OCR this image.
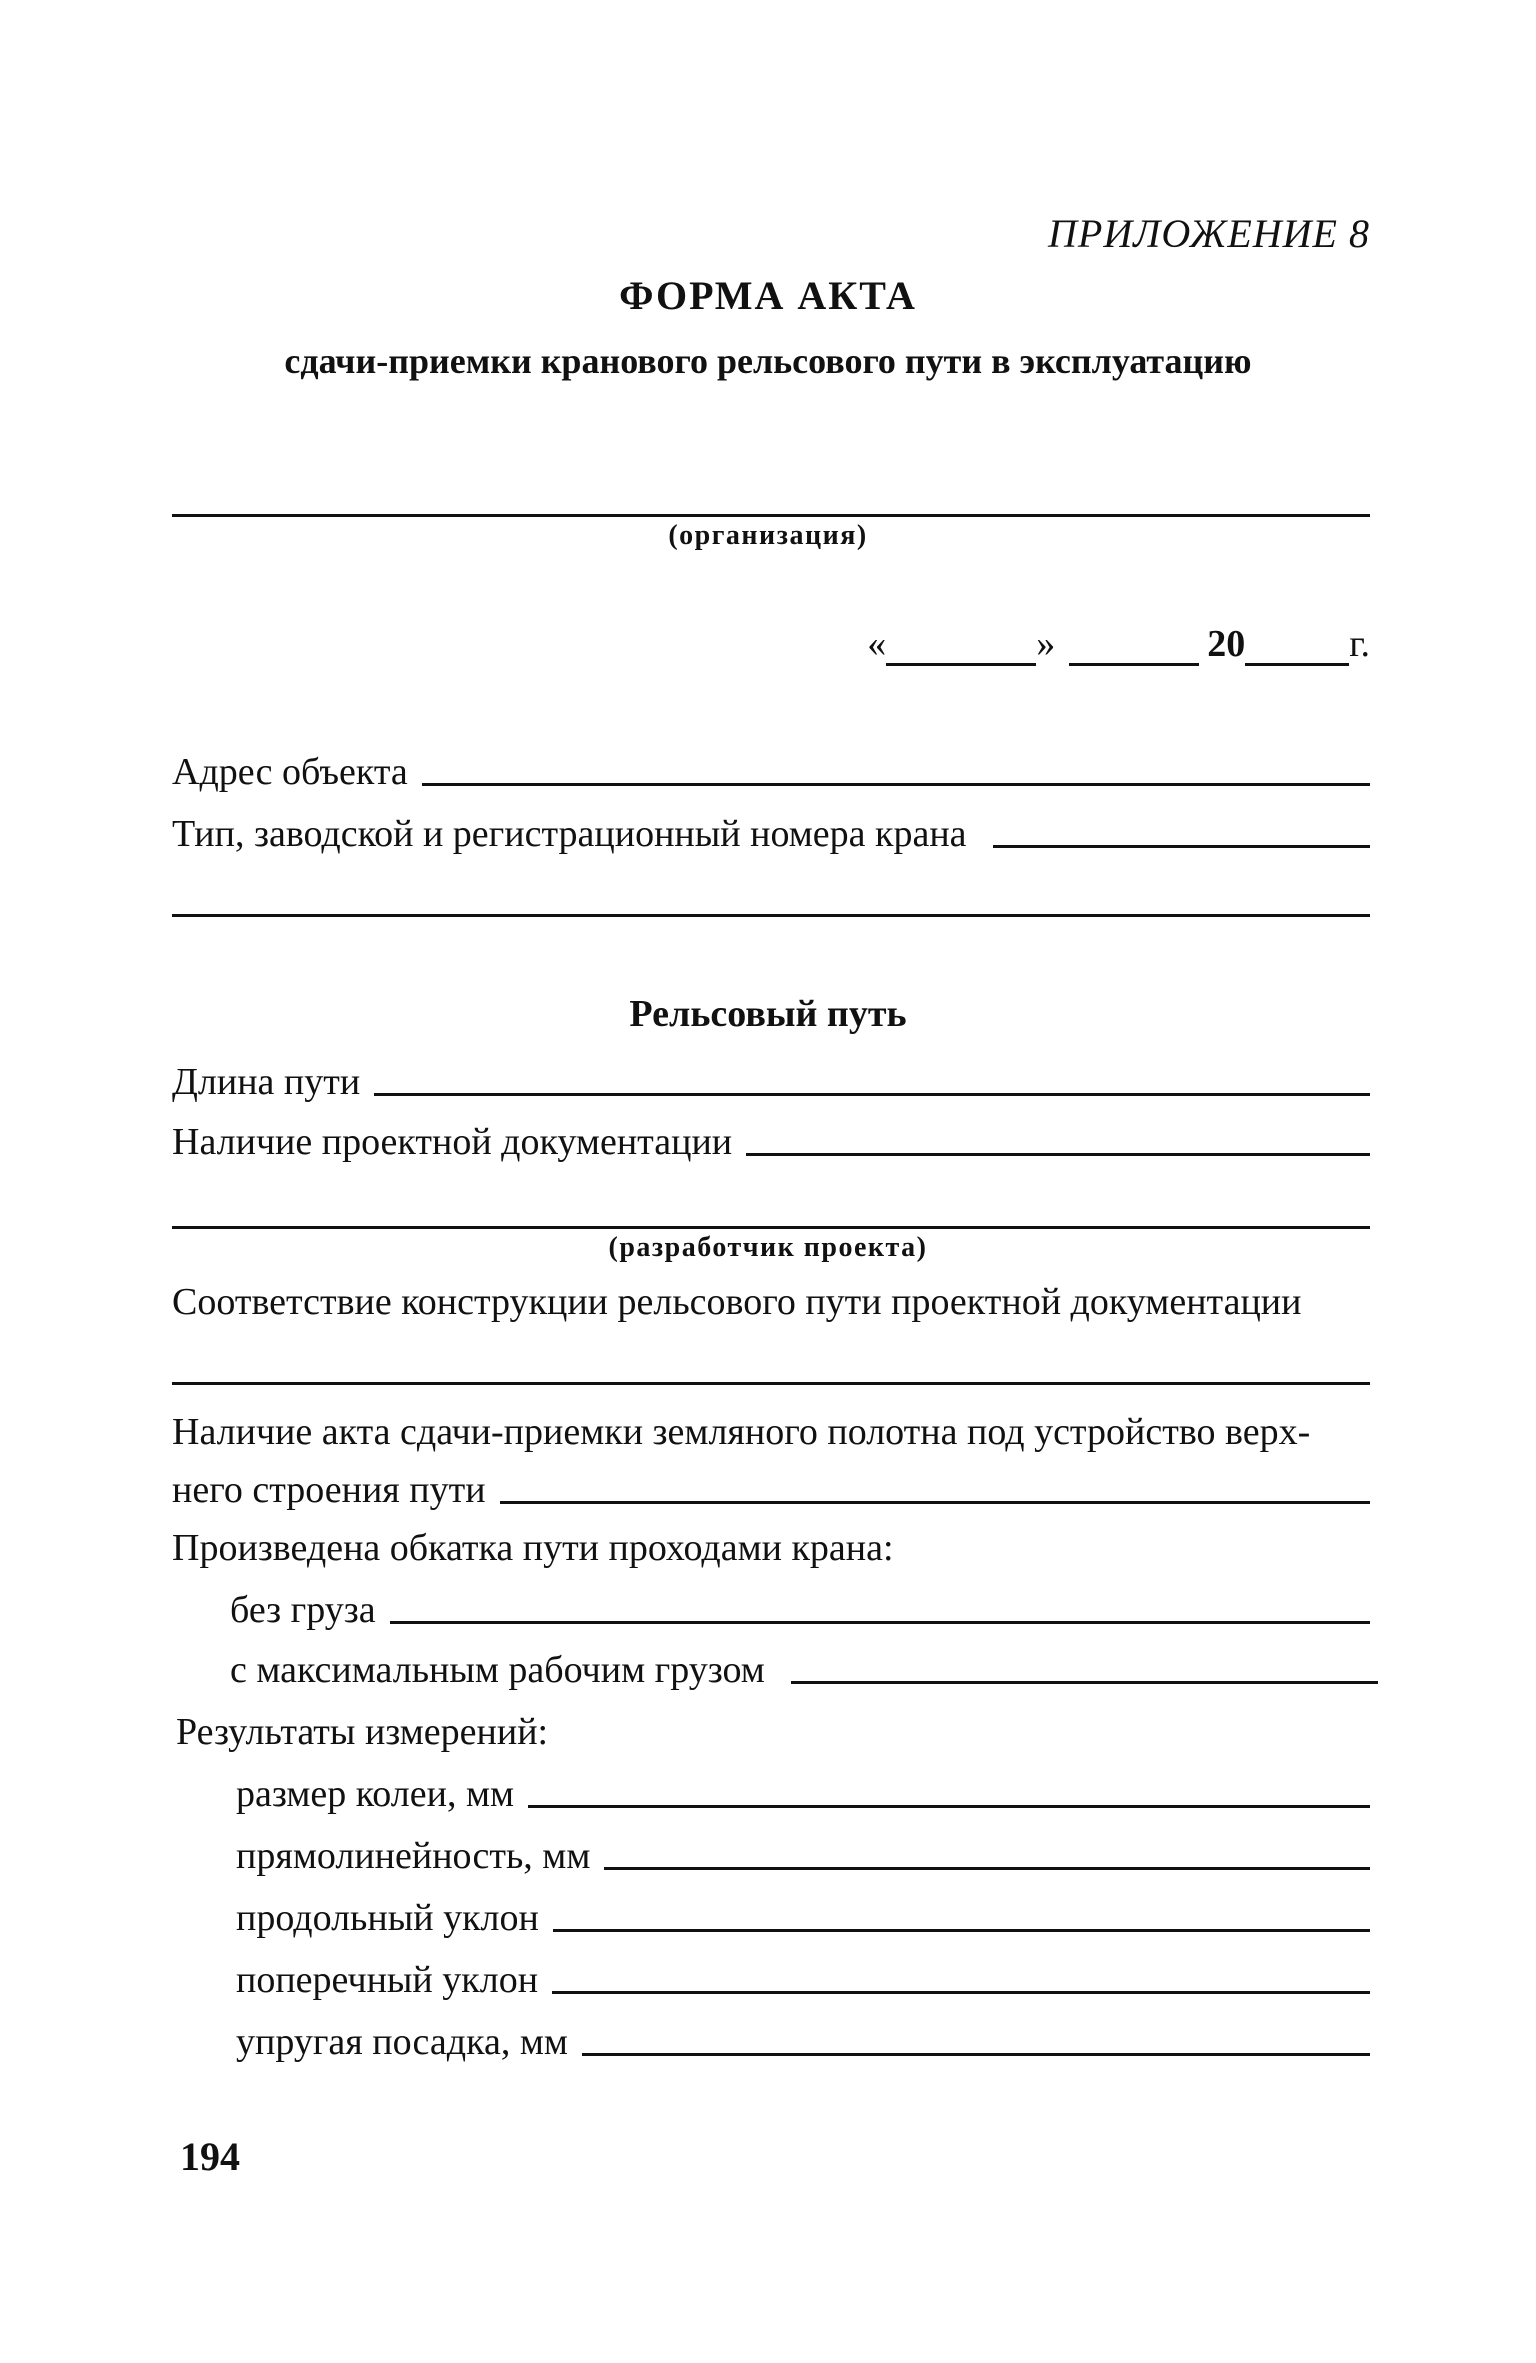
ПРИЛОЖЕНИЕ 8
ФОРМА АКТА
сдачи-приемки кранового рельсового пути в эксплуатацию
(организация)
«	»	20	г.
Адрес объекта
Тип, заводской и регистрационный номера крана
Рельсовый путь
Длина пути
Наличие проектной документации
(разработчик проекта)
Соответствие конструкции рельсового пути проектной документации
Наличие акта сдачи-приемки земляного полотна под устройство верх-
него строения пути
Произведена обкатка пути проходами крана:
без груза
с максимальным рабочим грузом
Результаты измерений:
размер колеи, мм
прямолинейность, мм
продольный уклон
поперечный уклон
упругая посадка, мм
194
